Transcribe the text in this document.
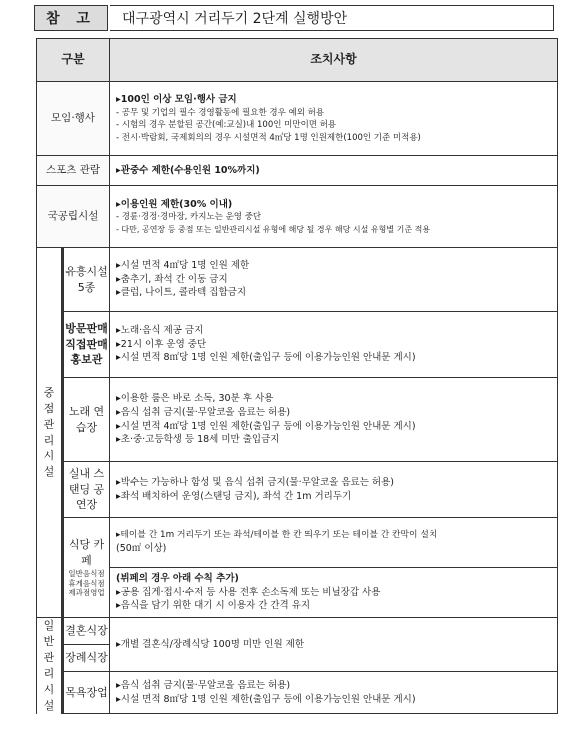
참 고	대구광역시 거리두기 2단계 실행방안
구분		조치사항
모임·행사		▸100인 이상 모임·행사 금지
- 공무 및 기업의 필수 경영활동에 필요한 경우 예외 허용
- 시험의 경우 분할된 공간(예:교실)내 100인 미만이면 허용
- 전시·박람회, 국제회의의 경우 시설면적 4㎡당 1명 인원제한(100인 기준 미적용)

스포츠 관람		▸관중수 제한(수용인원 10%까지)

국공립시설		▸이용인원 제한(30% 이내)
- 경륜·경정·경마장, 카지노는 운영 중단
- 다만, 공연장 등 중점 또는 일반관리시설 유형에 해당 될 경우 해당 시설 유형별 기준 적용

중점 관리 시설	유흥시설 5종	▸시설 면적 4㎡당 1명 인원 제한
▸춤추기, 좌석 간 이동 금지
▸클럽, 나이트, 콜라텍 집합금지

	방문판매 직접판매 홍보관	▸노래·음식 제공 금지
▸21시 이후 운영 중단
▸시설 면적 8㎡당 1명 인원 제한(출입구 등에 이용가능인원 안내문 게시)

	노래 연습장	▸이용한 룸은 바로 소독, 30분 후 사용
▸음식 섭취 금지(물·무알코올 음료는 허용)
▸시설 면적 4㎡당 1명 인원 제한(출입구 등에 이용가능인원 안내문 게시)
▸초·중·고등학생 등 18세 미만 출입금지

	실내 스탠딩 공연장	▸박수는 가능하나 함성 및 음식 섭취 금지(물·무알코올 음료는 허용)
▸좌석 배치하여 운영(스탠딩 금지), 좌석 간 1m 거리두기

	식당 카페
일반음식점 휴게음식점 제과점영업	▸테이블 간 1m 거리두기 또는 좌석/테이블 한 칸 띄우기 또는 테이블 간 칸막이 설치
(50㎡ 이상)

		(뷔페의 경우 아래 수칙 추가)
▸공용 집게·접시·수저 등 사용 전후 손소독제 또는 비닐장갑 사용
▸음식을 담기 위한 대기 시 이용자 간 간격 유지

일반 관리 시설	결혼식장	▸개별 결혼식/장례식당 100명 미만 인원 제한

	장례식장	
	목욕장업	▸음식 섭취 금지(물·무알코올 음료는 허용)
▸시설 면적 8㎡당 1명 인원 제한(출입구 등에 이용가능인원 안내문 게시)
